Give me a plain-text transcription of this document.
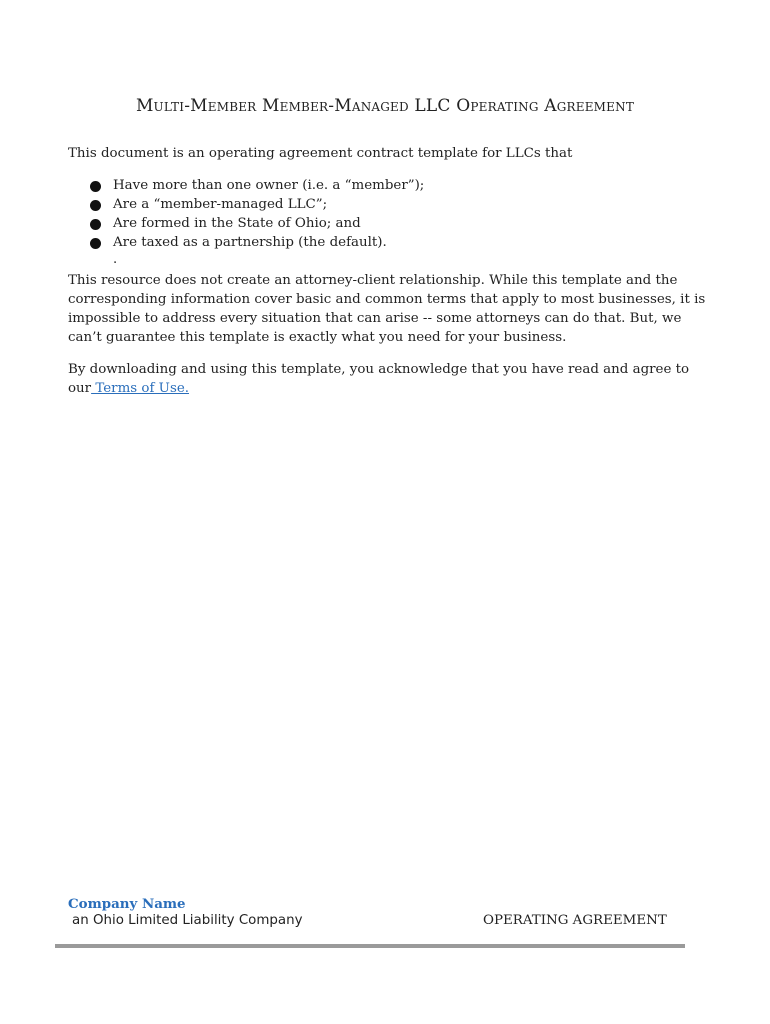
Multi-Member Member-Managed LLC Operating Agreement
This document is an operating agreement contract template for LLCs that
Have more than one owner (i.e. a “member”);
Are a “member-managed LLC”;
Are formed in the State of Ohio; and
Are taxed as a partnership (the default).
.
This resource does not create an attorney-client relationship. While this template and the corresponding information cover basic and common terms that apply to most businesses, it is impossible to address every situation that can arise -- some attorneys can do that. But, we can’t guarantee this template is exactly what you need for your business.
By downloading and using this template, you acknowledge that you have read and agree to our Terms of Use.
Company Name
an Ohio Limited Liability Company	OPERATING AGREEMENT
